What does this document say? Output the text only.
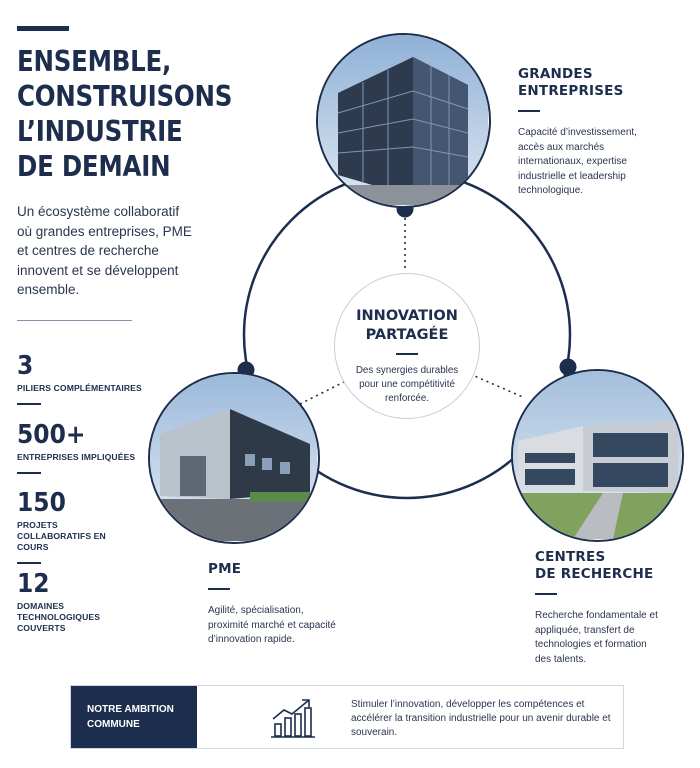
ENSEMBLE,
CONSTRUISONS
L’INDUSTRIE
DE DEMAIN
Un écosystème collaboratif où grandes entreprises, PME et centres de recherche innovent et se développent ensemble.
3
PILIERS COMPLÉMENTAIRES
500+
ENTREPRISES IMPLIQUÉES
150
PROJETS COLLABORATIFS EN COURS
12
DOMAINES TECHNOLOGIQUES COUVERTS
INNOVATION
PARTAGÉE
Des synergies durables pour une compétitivité renforcée.
GRANDES
ENTREPRISES
Capacité d’investissement, accès aux marchés internationaux, expertise industrielle et leadership technologique.
PME
Agilité, spécialisation, proximité marché et capacité d’innovation rapide.
CENTRES
DE RECHERCHE
Recherche fondamentale et appliquée, transfert de technologies et formation des talents.
NOTRE AMBITION
COMMUNE
Stimuler l’innovation, développer les compétences et accélérer la transition industrielle pour un avenir durable et souverain.
